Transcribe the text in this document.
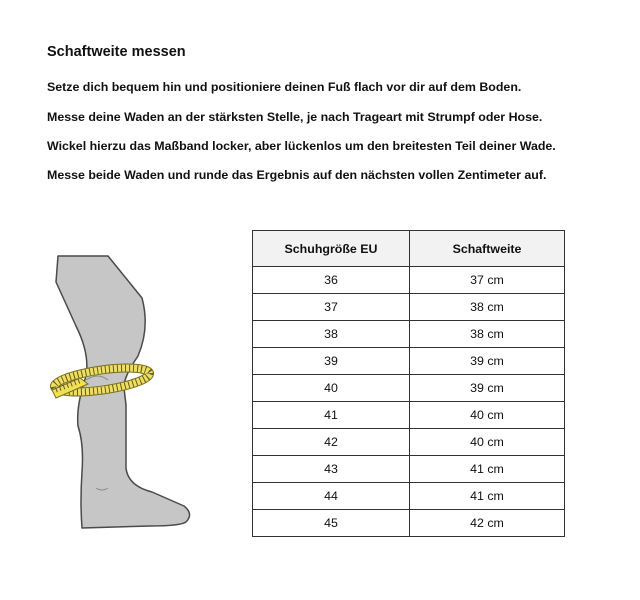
Schaftweite messen

Setze dich bequem hin und positioniere deinen Fuß flach vor dir auf dem Boden.

Messe deine Waden an der stärksten Stelle, je nach Trageart mit Strumpf oder Hose.

Wickel hierzu das Maßband locker, aber lückenlos um den breitesten Teil deiner Wade.

Messe beide Waden und runde das Ergebnis auf den nächsten vollen Zentimeter auf.

Schuhgröße EU	Schaftweite
36	37 cm
37	38 cm
38	38 cm
39	39 cm
40	39 cm
41	40 cm
42	40 cm
43	41 cm
44	41 cm
45	42 cm
